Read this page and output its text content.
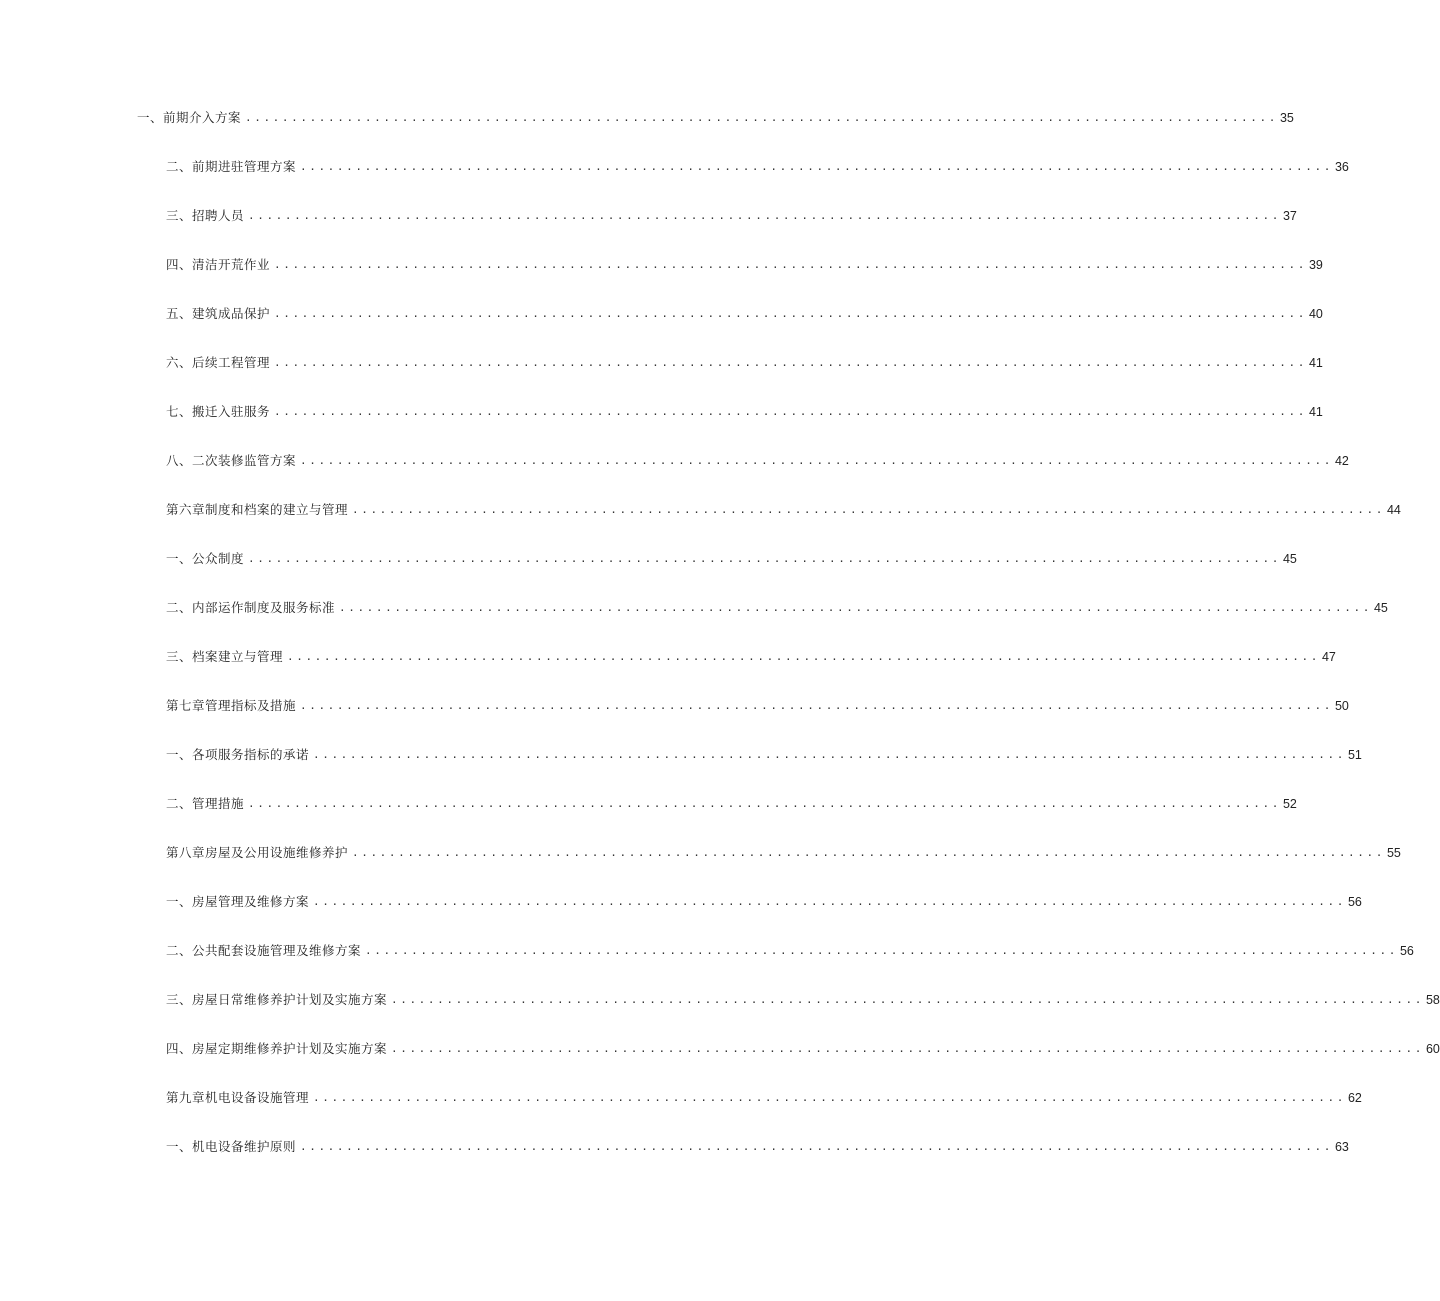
一、前期介入方案 ................................................................................................................ 35
二、前期进驻管理方案 ................................................................................................................ 36
三、招聘人员 ................................................................................................................ 37
四、清洁开荒作业 ................................................................................................................ 39
五、建筑成品保护 ................................................................................................................ 40
六、后续工程管理 ................................................................................................................ 41
七、搬迁入驻服务 ................................................................................................................ 41
八、二次装修监管方案 ................................................................................................................ 42
第六章制度和档案的建立与管理 ................................................................................................................ 44
一、公众制度 ................................................................................................................ 45
二、内部运作制度及服务标准 ................................................................................................................ 45
三、档案建立与管理 ................................................................................................................ 47
第七章管理指标及措施 ................................................................................................................ 50
一、各项服务指标的承诺 ................................................................................................................ 51
二、管理措施 ................................................................................................................ 52
第八章房屋及公用设施维修养护 ................................................................................................................ 55
一、房屋管理及维修方案 ................................................................................................................ 56
二、公共配套设施管理及维修方案 ................................................................................................................ 56
三、房屋日常维修养护计划及实施方案 ................................................................................................................ 58
四、房屋定期维修养护计划及实施方案 ................................................................................................................ 60
第九章机电设备设施管理 ................................................................................................................ 62
一、机电设备维护原则 ................................................................................................................ 63
